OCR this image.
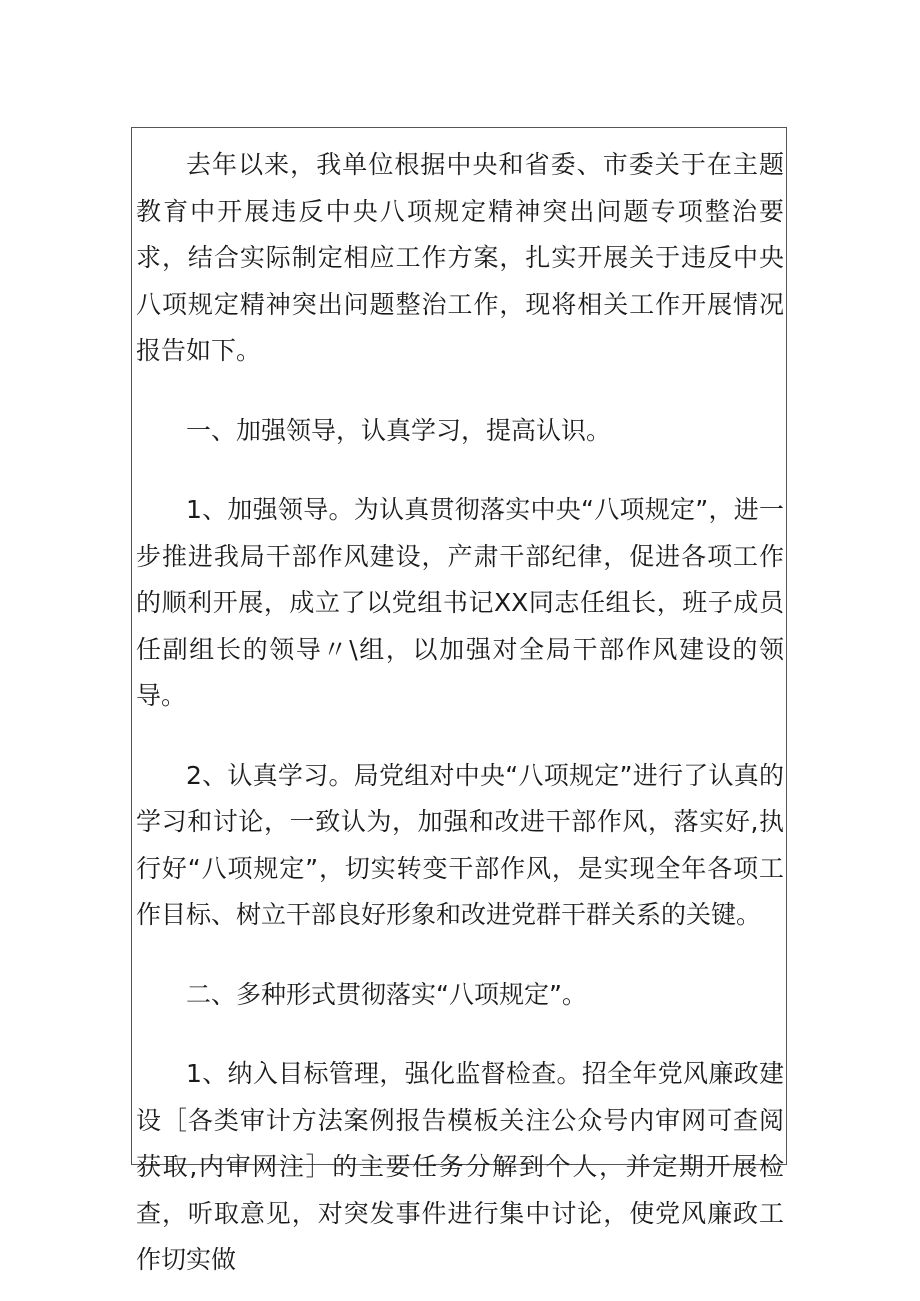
去年以来，我单位根据中央和省委、市委关于在主题教育中开展违反中央八项规定精神突出问题专项整治要求，结合实际制定相应工作方案，扎实开展关于违反中央八项规定精神突出问题整治工作，现将相关工作开展情况报告如下。

一、加强领导，认真学习，提高认识。

1、加强领导。为认真贯彻落实中央“八项规定”，进一步推进我局干部作风建设，产肃干部纪律，促进各项工作的顺利开展，成立了以党组书记XX同志任组长，班子成员任副组长的领导〃\组，以加强对全局干部作风建设的领导。

2、认真学习。局党组对中央“八项规定”进行了认真的学习和讨论，一致认为，加强和改进干部作风，落实好,执行好“八项规定”，切实转变干部作风，是实现全年各项工作目标、树立干部良好形象和改进党群干群关系的关键。

二、多种形式贯彻落实“八项规定”。

1、纳入目标管理，强化监督检查。招全年党风廉政建设［各类审计方法案例报告模板关注公众号内审网可查阅获取,内审网注］的主要任务分解到个人，并定期开展检查，听取意见，对突发事件进行集中讨论，使党风廉政工作切实做
